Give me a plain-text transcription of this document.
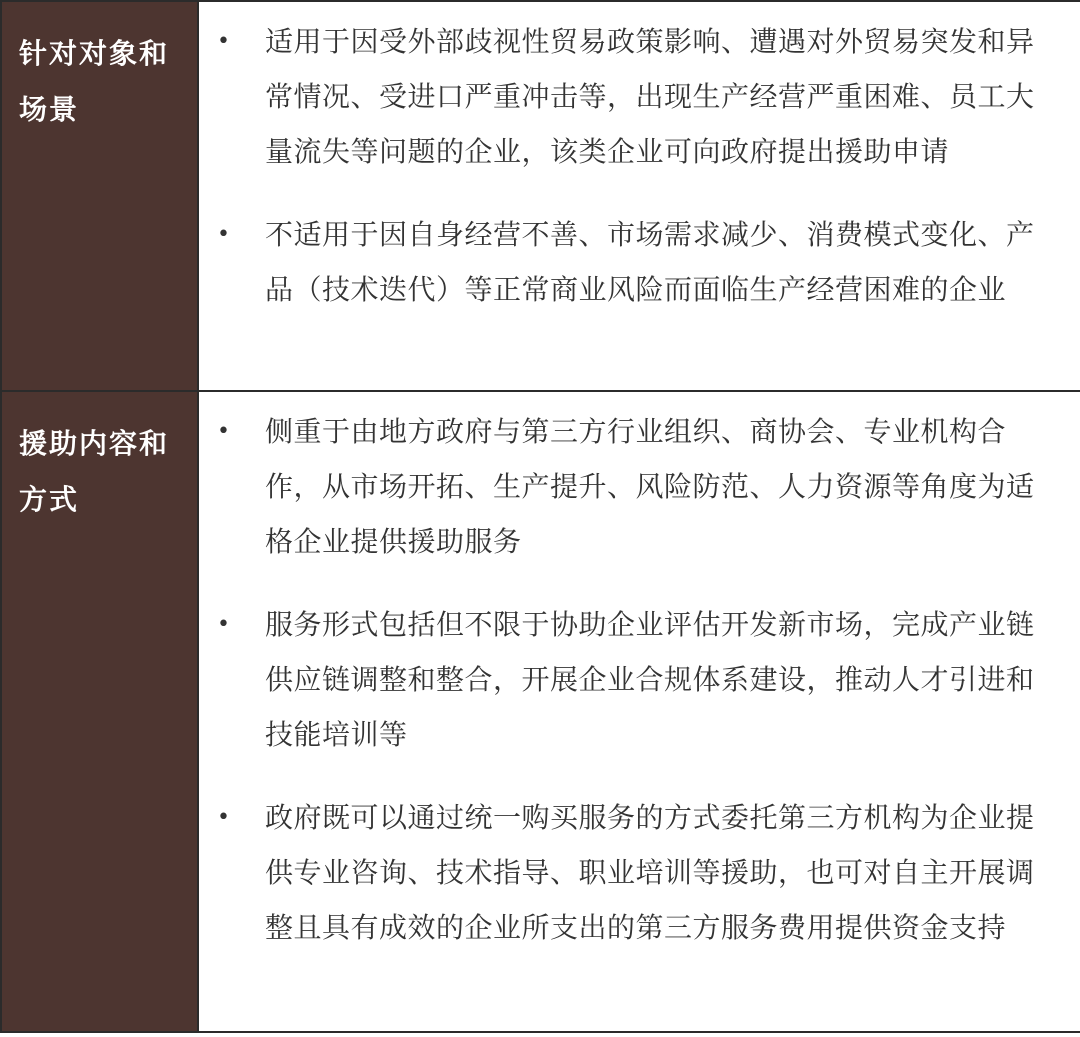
针对对象和场景
•	适用于因受外部歧视性贸易政策影响、遭遇对外贸易突发和异常情况、受进口严重冲击等，出现生产经营严重困难、员工大量流失等问题的企业，该类企业可向政府提出援助申请
•	不适用于因自身经营不善、市场需求减少、消费模式变化、产品（技术迭代）等正常商业风险而面临生产经营困难的企业
援助内容和方式
•	侧重于由地方政府与第三方行业组织、商协会、专业机构合作，从市场开拓、生产提升、风险防范、人力资源等角度为适格企业提供援助服务
•	服务形式包括但不限于协助企业评估开发新市场，完成产业链供应链调整和整合，开展企业合规体系建设，推动人才引进和技能培训等
•	政府既可以通过统一购买服务的方式委托第三方机构为企业提供专业咨询、技术指导、职业培训等援助，也可对自主开展调整且具有成效的企业所支出的第三方服务费用提供资金支持
